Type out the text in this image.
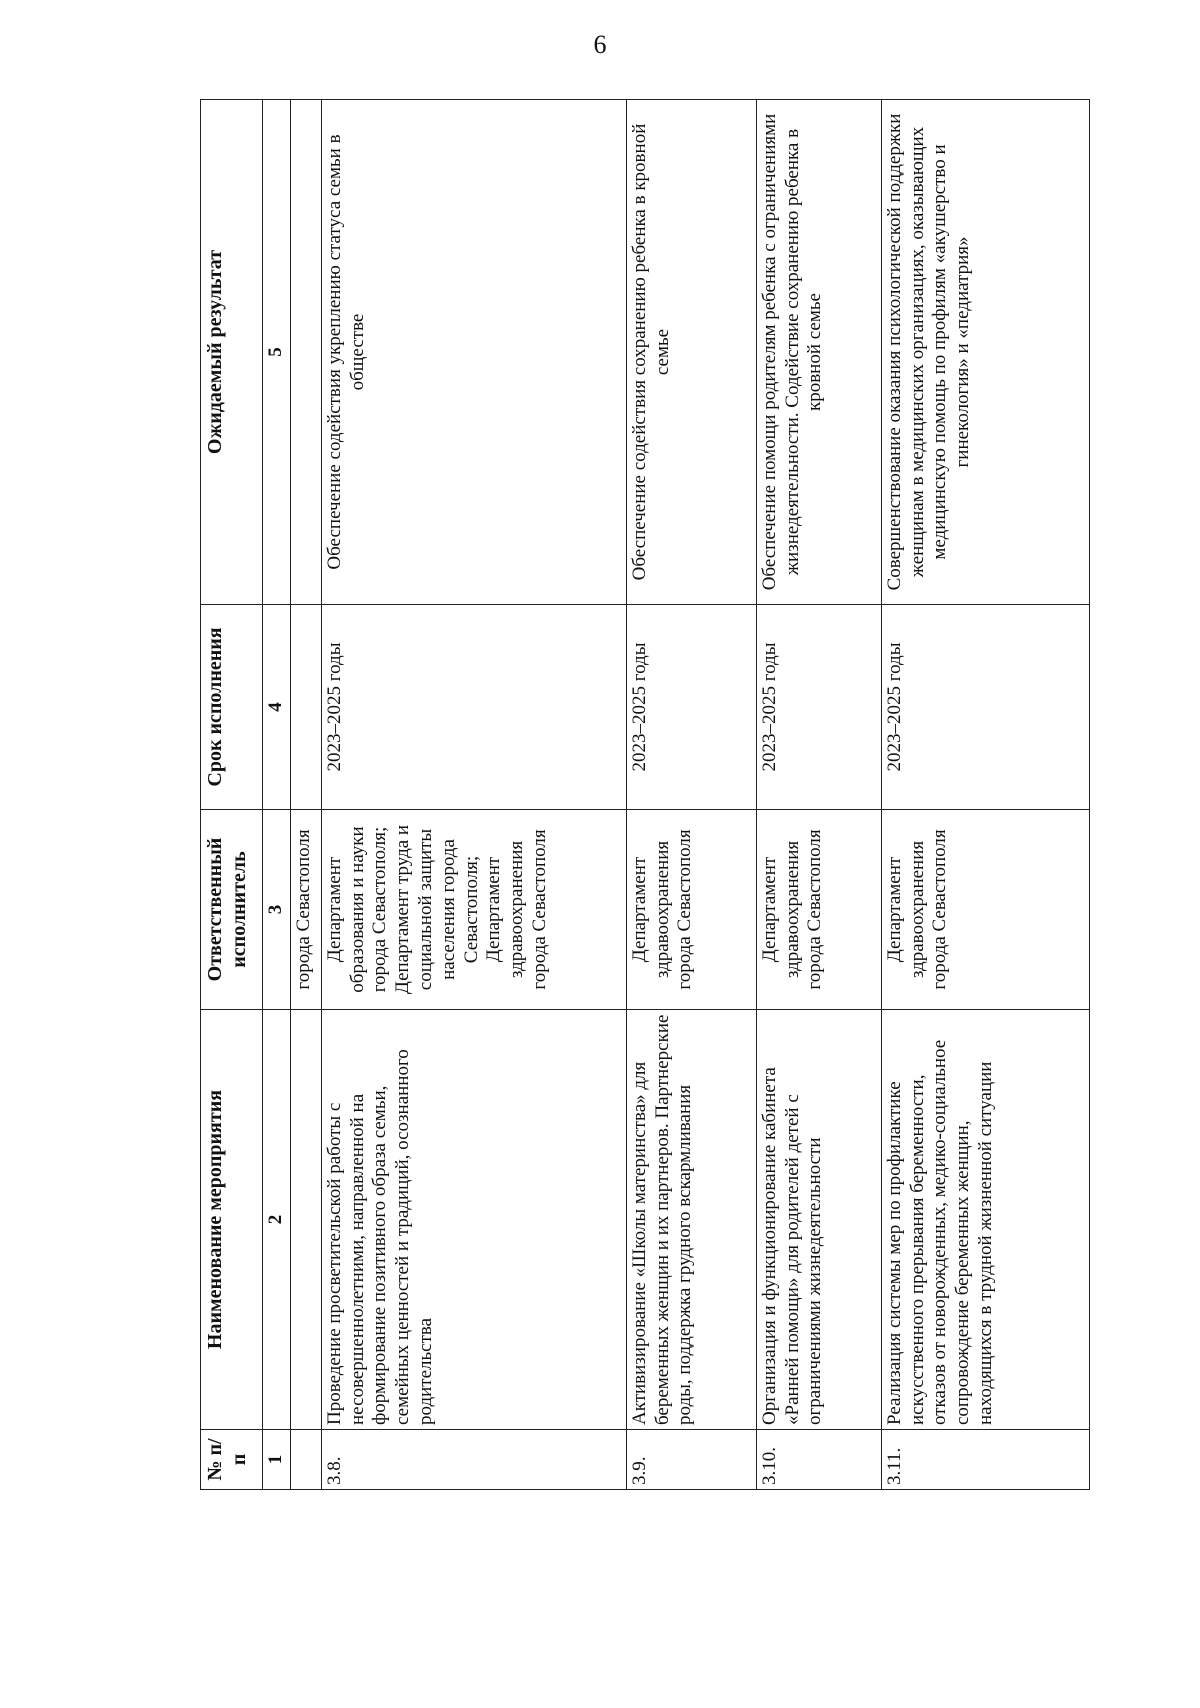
6
№ п/п	Наименование мероприятия	Ответственный исполнитель	Срок исполнения	Ожидаемый результат
1	2	3	4	5
		города Севастополя		
3.8.	Проведение просветительской работы с несовершеннолетними, направленной на формирование позитивного образа семьи, семейных ценностей и традиций, осознанного родительства	Департамент образования и науки города Севастополя; Департамент труда и социальной защиты населения города Севастополя; Департамент здравоохранения города Севастополя	2023–2025 годы	Обеспечение содействия укреплению статуса семьи в обществе
3.9.	Активизирование «Школы материнства» для беременных женщин и их партнеров. Партнерские роды, поддержка грудного вскармливания	Департамент здравоохранения города Севастополя	2023–2025 годы	Обеспечение содействия сохранению ребенка в кровной семье
3.10.	Организация и функционирование кабинета «Ранней помощи» для родителей детей с ограничениями жизнедеятельности	Департамент здравоохранения города Севастополя	2023–2025 годы	Обеспечение помощи родителям ребенка с ограничениями жизнедеятельности. Содействие сохранению ребенка в кровной семье
3.11.	Реализация системы мер по профилактике искусственного прерывания беременности, отказов от новорожденных, медико-социальное сопровождение беременных женщин, находящихся в трудной жизненной ситуации	Департамент здравоохранения города Севастополя	2023–2025 годы	Совершенствование оказания психологической поддержки женщинам в медицинских организациях, оказывающих медицинскую помощь по профилям «акушерство и гинекология» и «педиатрия»
